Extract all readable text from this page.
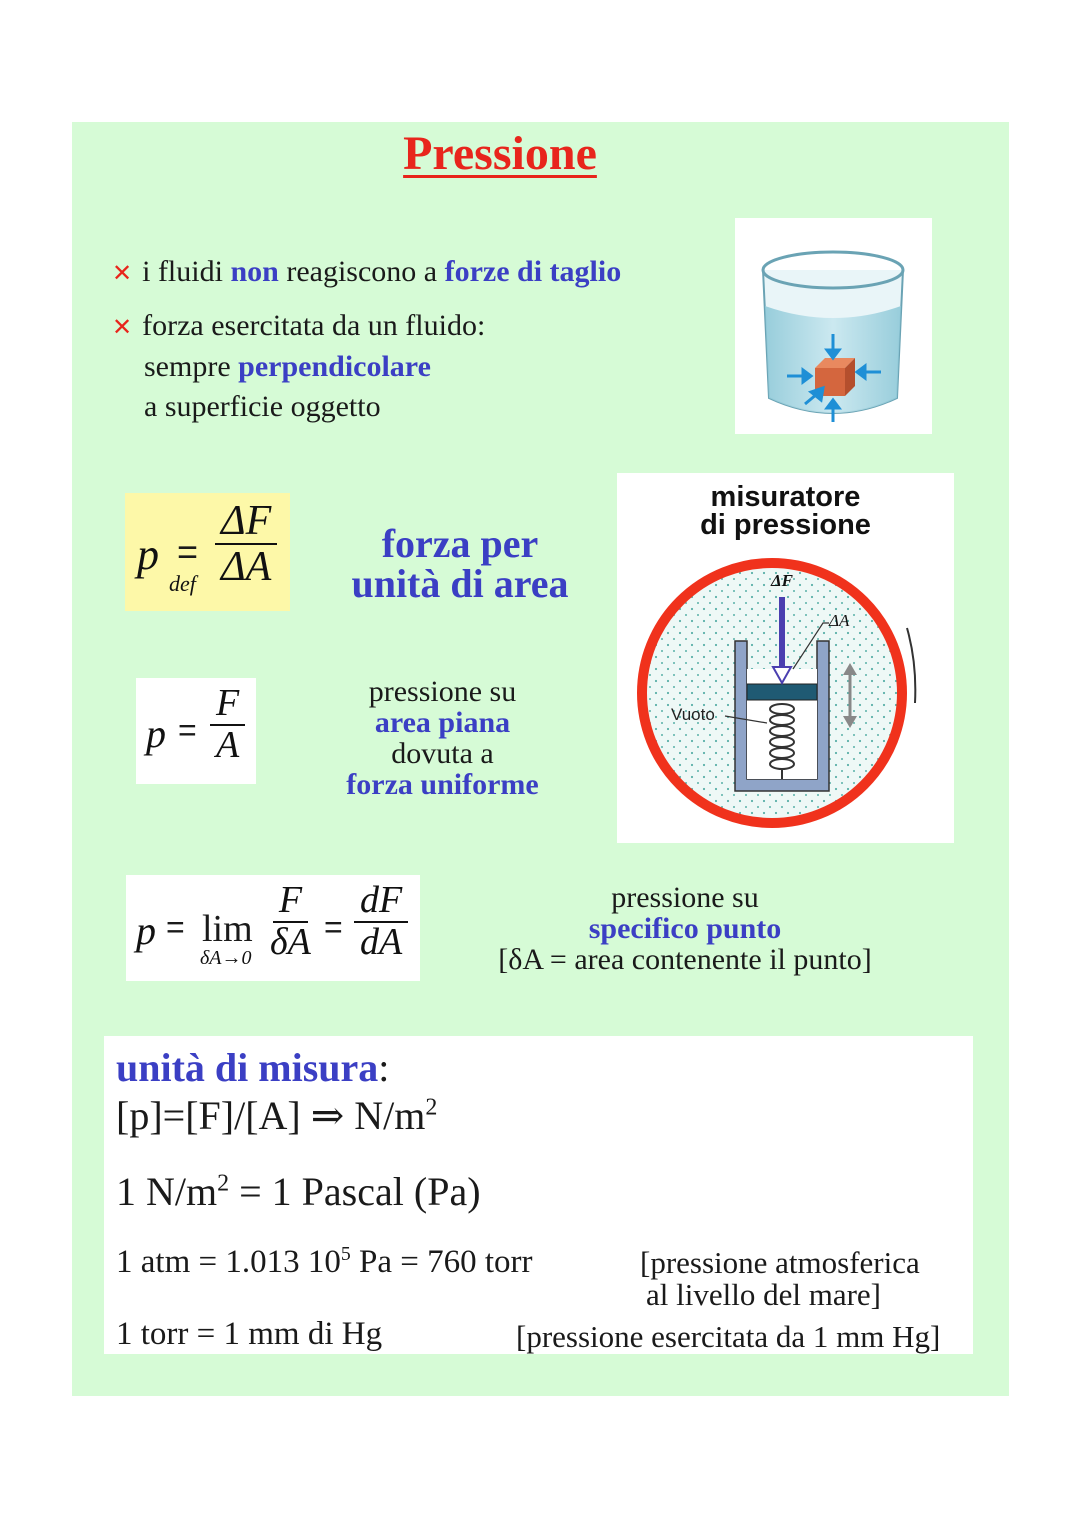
Pressione
✕ i fluidi non reagiscono a forze di taglio
✕ forza esercitata da un fluido:
sempre perpendicolare
a superficie oggetto
misuratore
di pressione
ΔF
ΔA
Vuoto
p =
def $\frac{\Delta F}{\Delta A}$	forza per
unità di area
$p = \frac{F}{A}$	pressione su
area piana
dovuta a
forza uniforme
p = lim
$\delta A\to 0 \frac{F}{\delta A} = \frac{dF}{dA}$	pressione su
specifico punto
[δA = area contenente il punto]
unità di misura:
[p]=[F]/[A] ⇒ $N/m^2$
1 $N/m^2 = 1$ Pascal (Pa)
1 atm = 1.013 $10^5$ Pa = 760 torr	[pressione atmosferica
al livello del mare]
1 torr = 1 mm di Hg	[pressione esercitata da 1 mm Hg]
